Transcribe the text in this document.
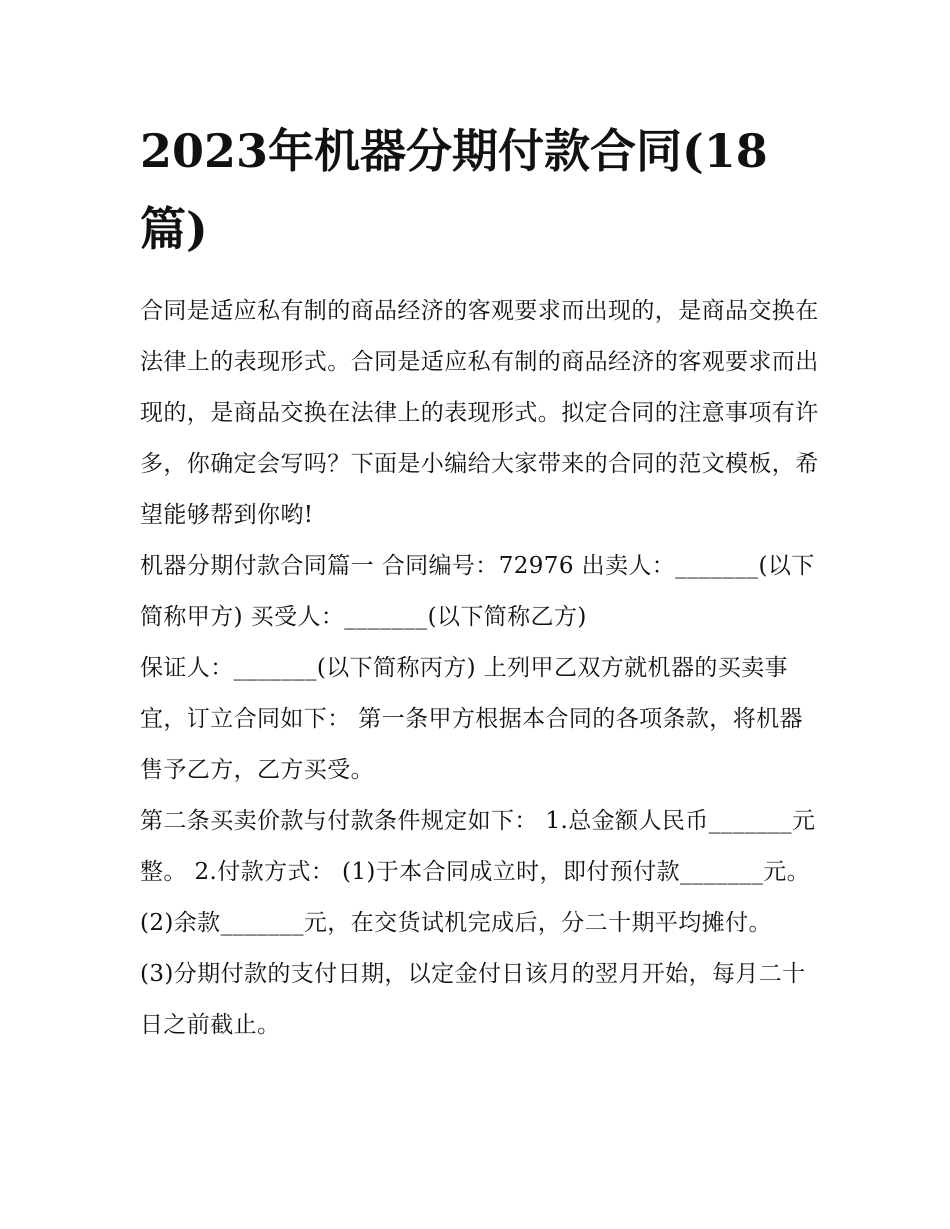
2023年机器分期付款合同(18篇)

合同是适应私有制的商品经济的客观要求而出现的，是商品交换在法律上的表现形式。合同是适应私有制的商品经济的客观要求而出现的，是商品交换在法律上的表现形式。拟定合同的注意事项有许多，你确定会写吗？下面是小编给大家带来的合同的范文模板，希望能够帮到你哟!

机器分期付款合同篇一 合同编号：72976 出卖人：_______(以下简称甲方) 买受人：_______(以下简称乙方)

保证人：_______(以下简称丙方) 上列甲乙双方就机器的买卖事宜，订立合同如下： 第一条甲方根据本合同的各项条款，将机器售予乙方，乙方买受。

第二条买卖价款与付款条件规定如下： 1.总金额人民币_______元整。 2.付款方式： (1)于本合同成立时，即付预付款_______元。

(2)余款_______元，在交货试机完成后，分二十期平均摊付。

(3)分期付款的支付日期，以定金付日该月的翌月开始，每月二十日之前截止。
